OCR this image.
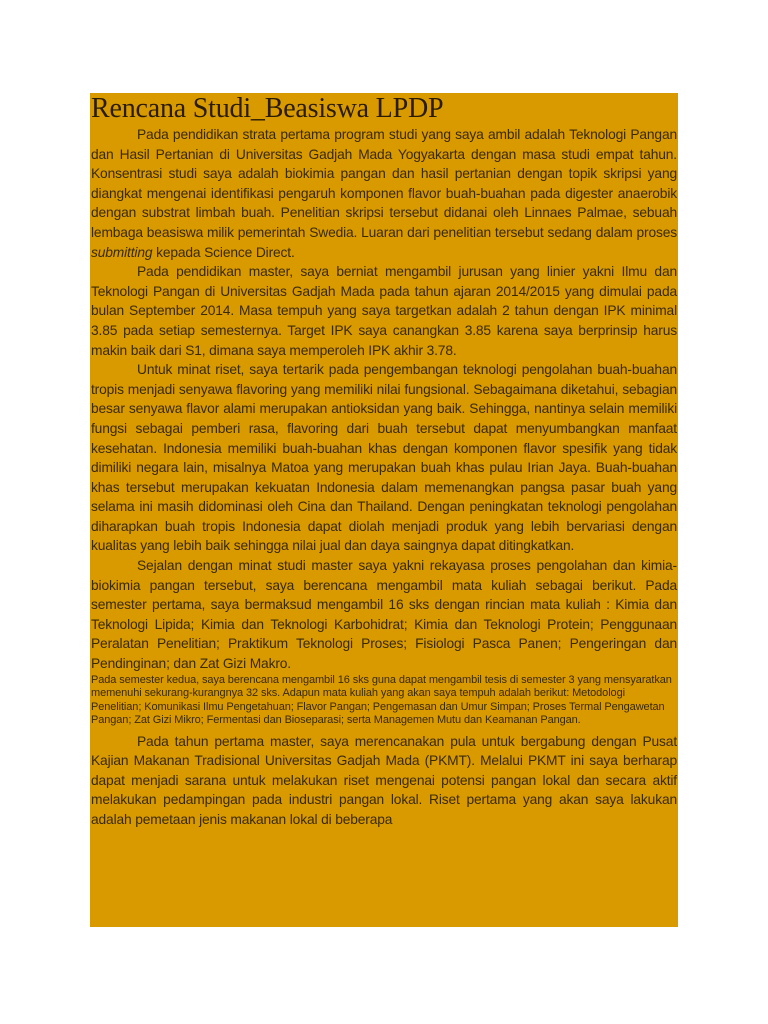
Rencana Studi_Beasiswa LPDP

Pada pendidikan strata pertama program studi yang saya ambil adalah Teknologi Pangan dan Hasil Pertanian di Universitas Gadjah Mada Yogyakarta dengan masa studi empat tahun. Konsentrasi studi saya adalah biokimia pangan dan hasil pertanian dengan topik skripsi yang diangkat mengenai identifikasi pengaruh komponen flavor buah-buahan pada digester anaerobik dengan substrat limbah buah. Penelitian skripsi tersebut didanai oleh Linnaes Palmae, sebuah lembaga beasiswa milik pemerintah Swedia. Luaran dari penelitian tersebut sedang dalam proses submitting kepada Science Direct.

Pada pendidikan master, saya berniat mengambil jurusan yang linier yakni Ilmu dan Teknologi Pangan di Universitas Gadjah Mada pada tahun ajaran 2014/2015 yang dimulai pada bulan September 2014. Masa tempuh yang saya targetkan adalah 2 tahun dengan IPK minimal 3.85 pada setiap semesternya. Target IPK saya canangkan 3.85 karena saya berprinsip harus makin baik dari S1, dimana saya memperoleh IPK akhir 3.78.

Untuk minat riset, saya tertarik pada pengembangan teknologi pengolahan buah-buahan tropis menjadi senyawa flavoring yang memiliki nilai fungsional. Sebagaimana diketahui, sebagian besar senyawa flavor alami merupakan antioksidan yang baik. Sehingga, nantinya selain memiliki fungsi sebagai pemberi rasa, flavoring dari buah tersebut dapat menyumbangkan manfaat kesehatan. Indonesia memiliki buah-buahan khas dengan komponen flavor spesifik yang tidak dimiliki negara lain, misalnya Matoa yang merupakan buah khas pulau Irian Jaya. Buah-buahan khas tersebut merupakan kekuatan Indonesia dalam memenangkan pangsa pasar buah yang selama ini masih didominasi oleh Cina dan Thailand. Dengan peningkatan teknologi pengolahan diharapkan buah tropis Indonesia dapat diolah menjadi produk yang lebih bervariasi dengan kualitas yang lebih baik sehingga nilai jual dan daya saingnya dapat ditingkatkan.

Sejalan dengan minat studi master saya yakni rekayasa proses pengolahan dan kimia-biokimia pangan tersebut, saya berencana mengambil mata kuliah sebagai berikut. Pada semester pertama, saya bermaksud mengambil 16 sks dengan rincian mata kuliah : Kimia dan Teknologi Lipida; Kimia dan Teknologi Karbohidrat; Kimia dan Teknologi Protein; Penggunaan Peralatan Penelitian; Praktikum Teknologi Proses; Fisiologi Pasca Panen; Pengeringan dan Pendinginan; dan Zat Gizi Makro.

Pada semester kedua, saya berencana mengambil 16 sks guna dapat mengambil tesis di semester 3 yang mensyaratkan memenuhi sekurang-kurangnya 32 sks. Adapun mata kuliah yang akan saya tempuh adalah berikut: Metodologi Penelitian; Komunikasi Ilmu Pengetahuan; Flavor Pangan; Pengemasan dan Umur Simpan; Proses Termal Pengawetan Pangan; Zat Gizi Mikro; Fermentasi dan Bioseparasi; serta Managemen Mutu dan Keamanan Pangan.

Pada tahun pertama master, saya merencanakan pula untuk bergabung dengan Pusat Kajian Makanan Tradisional Universitas Gadjah Mada (PKMT). Melalui PKMT ini saya berharap dapat menjadi sarana untuk melakukan riset mengenai potensi pangan lokal dan secara aktif melakukan pedampingan pada industri pangan lokal. Riset pertama yang akan saya lakukan adalah pemetaan jenis makanan lokal di beberapa
